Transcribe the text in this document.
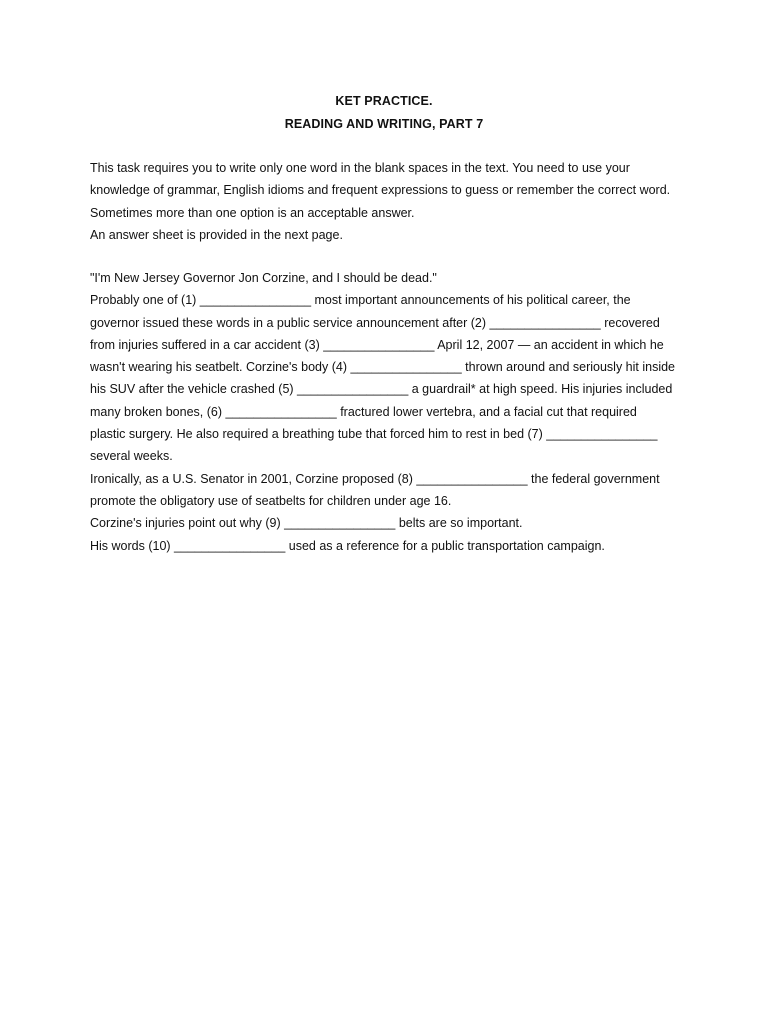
KET PRACTICE.
READING AND WRITING, PART 7
This task requires you to write only one word in the blank spaces in the text. You need to use your
knowledge of grammar, English idioms and frequent expressions to guess or remember the correct word.
Sometimes more than one option is an acceptable answer.
An answer sheet is provided in the next page.
"I'm New Jersey Governor Jon Corzine, and I should be dead."
Probably one of (1) ________________ most important announcements of his political career, the
governor issued these words in a public service announcement after (2) ________________ recovered
from injuries suffered in a car accident (3) ________________ April 12, 2007 — an accident in which he
wasn't wearing his seatbelt. Corzine's body (4) ________________ thrown around and seriously hit inside
his SUV after the vehicle crashed (5) ________________ a guardrail* at high speed. His injuries included
many broken bones, (6) ________________ fractured lower vertebra, and a facial cut that required
plastic surgery. He also required a breathing tube that forced him to rest in bed (7) ________________
several weeks.
Ironically, as a U.S. Senator in 2001, Corzine proposed (8) ________________ the federal government
promote the obligatory use of seatbelts for children under age 16.
Corzine's injuries point out why (9) ________________ belts are so important.
His words (10) ________________ used as a reference for a public transportation campaign.
